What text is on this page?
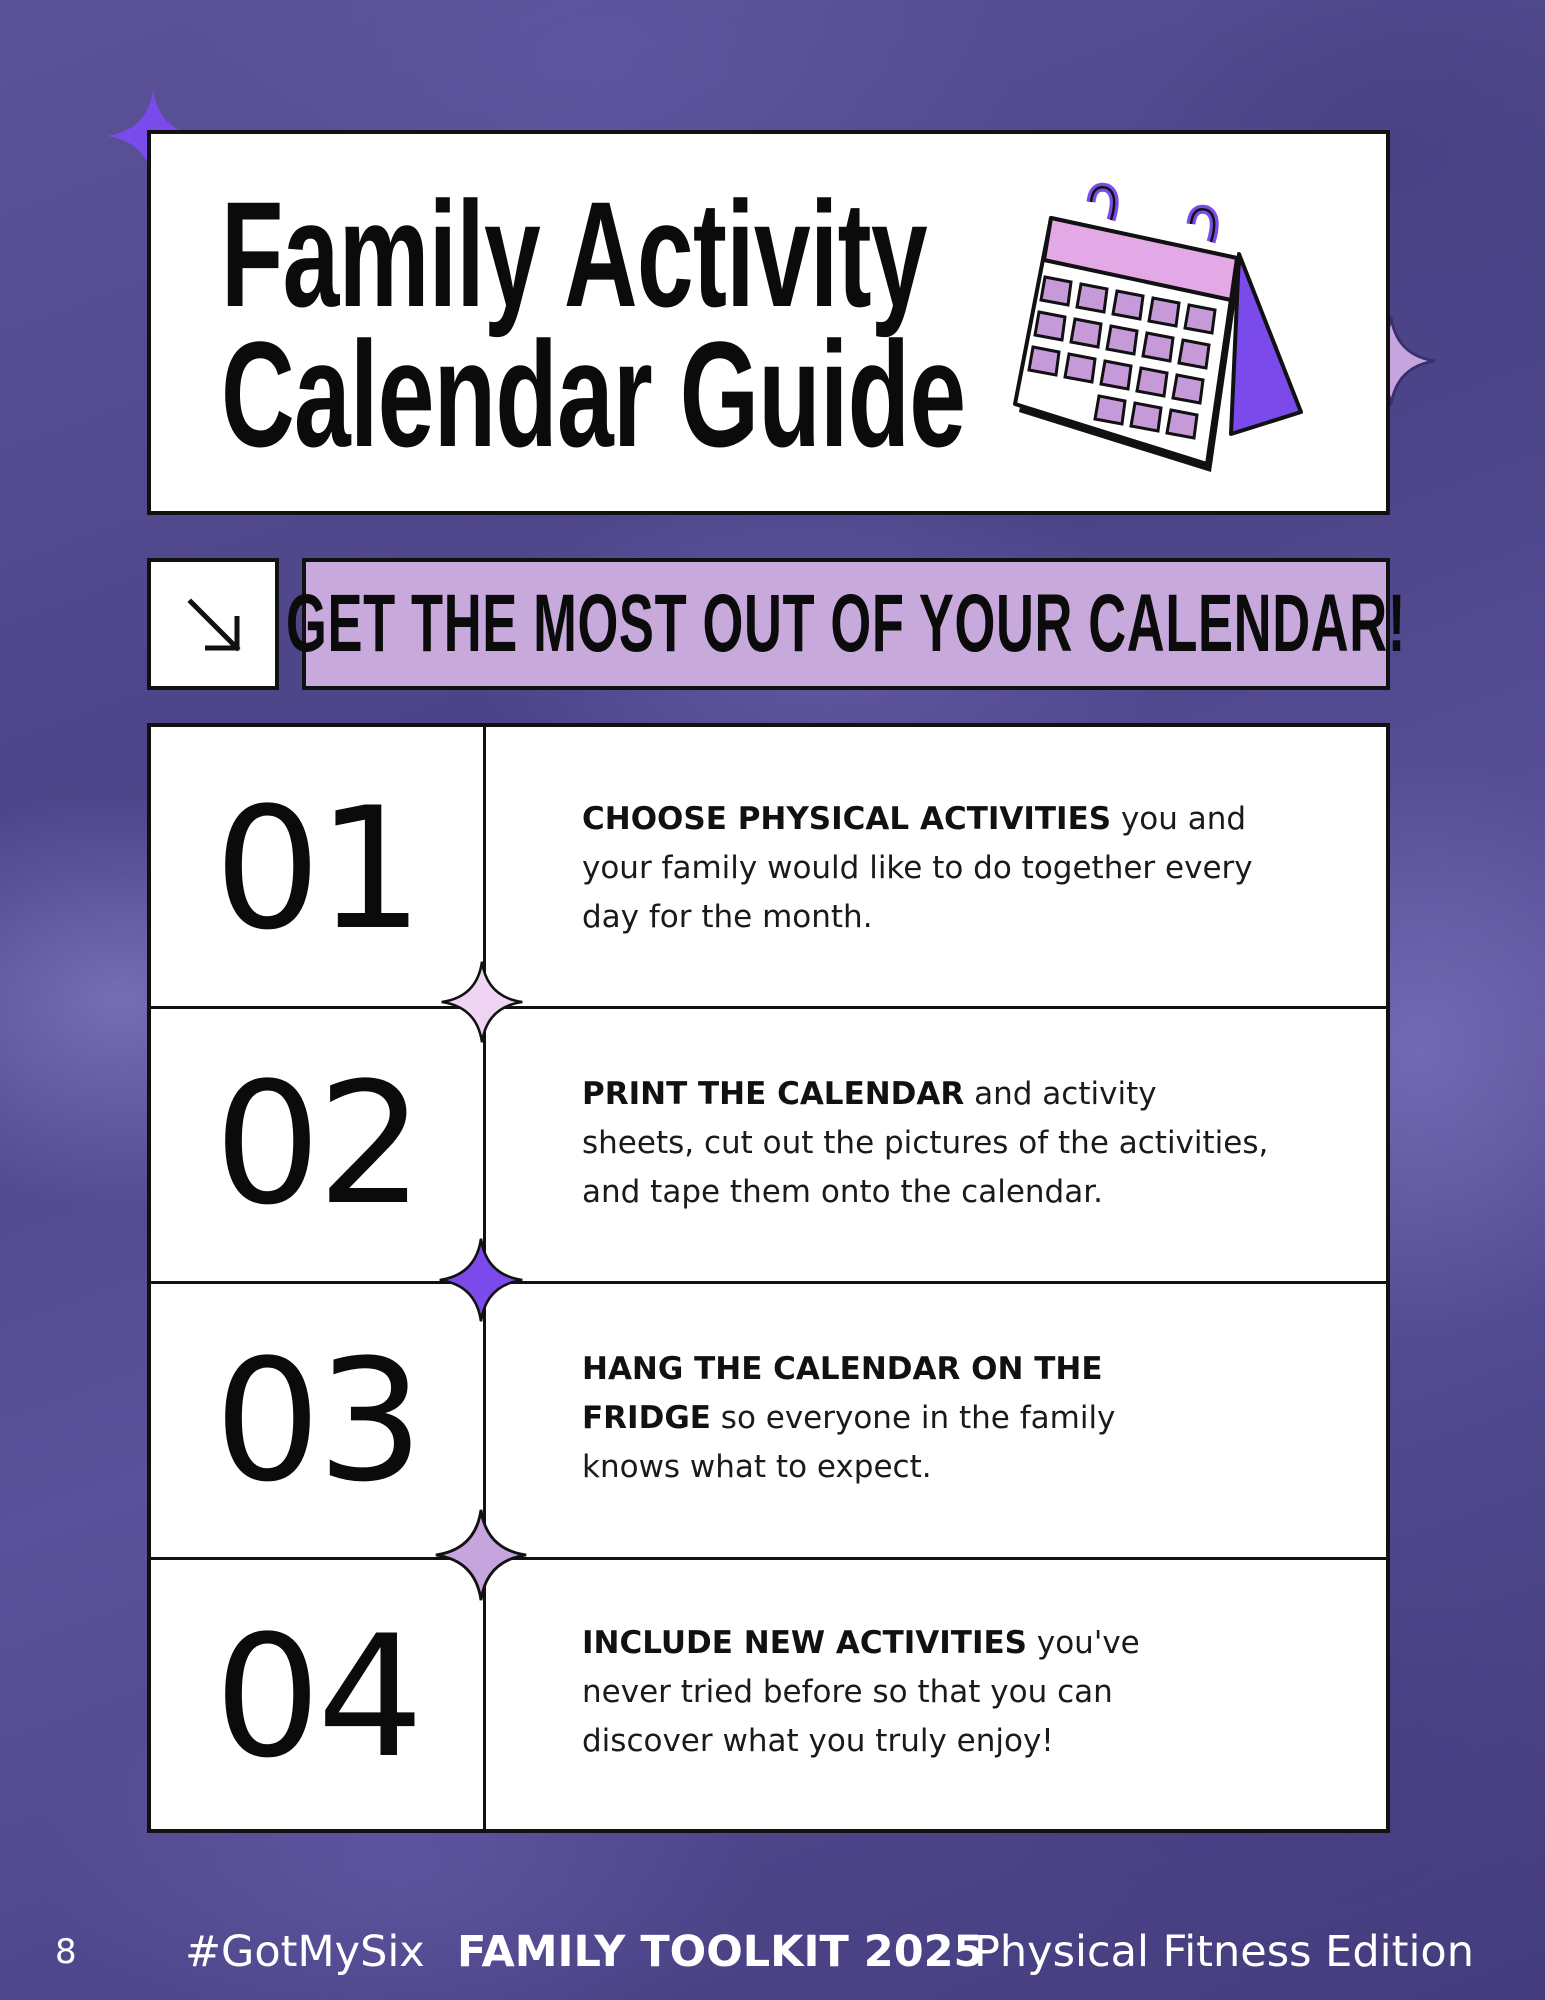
Family Activity
Calendar Guide
GET THE MOST OUT OF YOUR CALENDAR!
01	CHOOSE PHYSICAL ACTIVITIES you and your family would like to do together every day for the month.
02	PRINT THE CALENDAR and activity sheets, cut out the pictures of the activities, and tape them onto the calendar.
03	HANG THE CALENDAR ON THE FRIDGE so everyone in the family knows what to expect.
04	INCLUDE NEW ACTIVITIES you've never tried before so that you can discover what you truly enjoy!
8	#GotMySix FAMILY TOOLKIT 2025
Physical Fitness Edition
